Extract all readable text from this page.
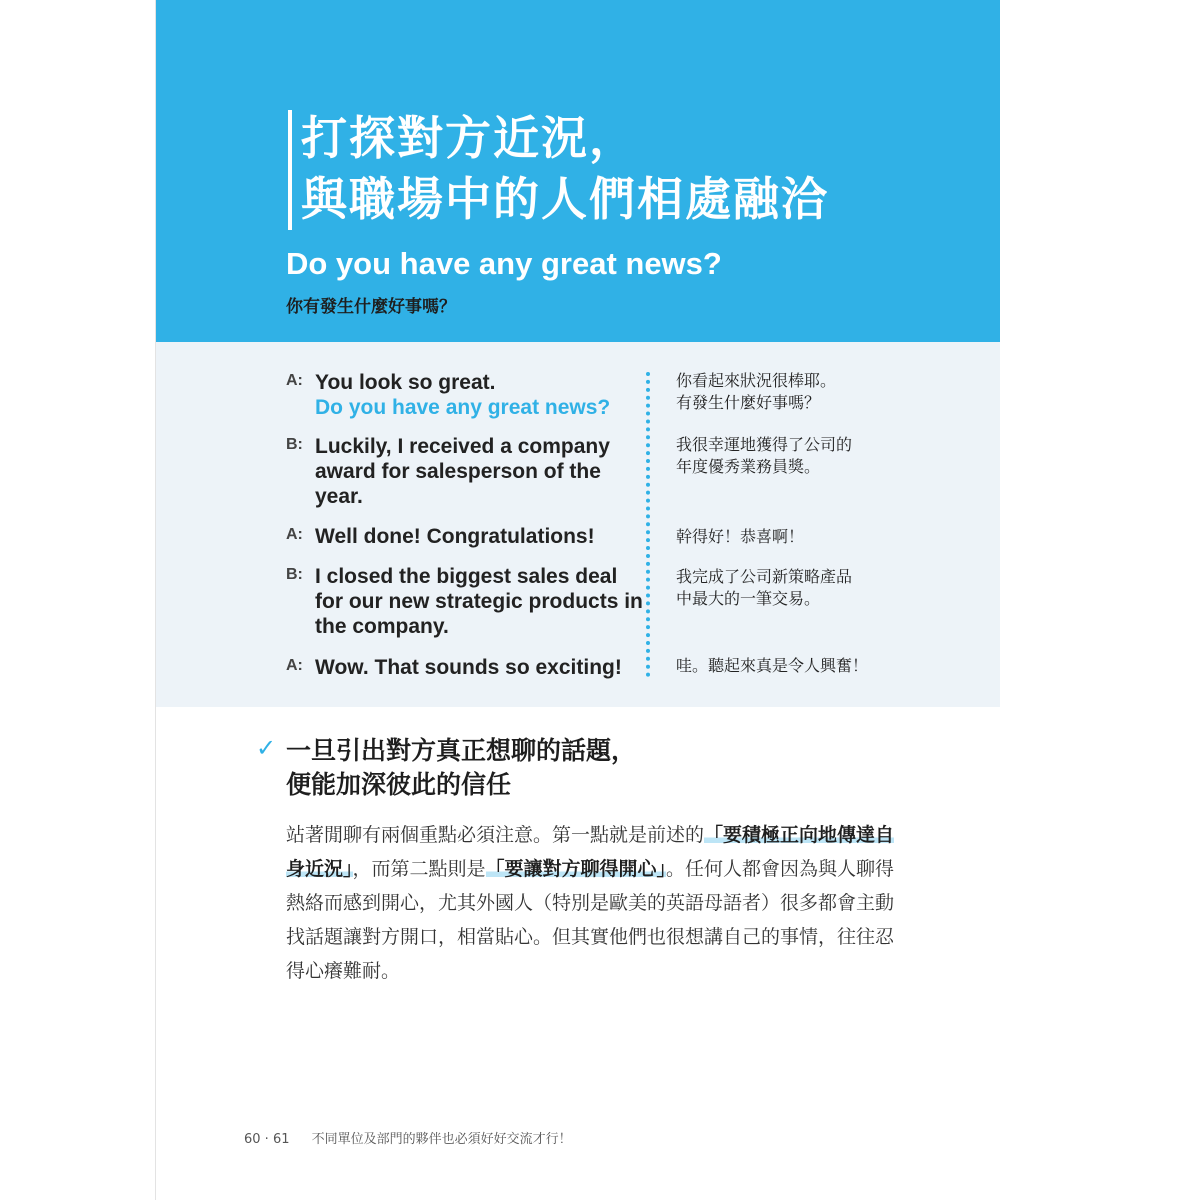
打探對方近況，
與職場中的人們相處融洽
Do you have any great news?
你有發生什麼好事嗎？
A: You look so great.
Do you have any great news?
你看起來狀況很棒耶。
有發生什麼好事嗎？
B: Luckily, I received a company award for salesperson of the year.
我很幸運地獲得了公司的
年度優秀業務員獎。
A: Well done! Congratulations!	幹得好！恭喜啊！
B: I closed the biggest sales deal for our new strategic products in the company.
我完成了公司新策略產品
中最大的一筆交易。
A: Wow. That sounds so exciting!	哇。聽起來真是令人興奮！
✓ 一旦引出對方真正想聊的話題，
便能加深彼此的信任
站著閒聊有兩個重點必須注意。第一點就是前述的「要積極正向地傳達自身近況」，而第二點則是「要讓對方聊得開心」。任何人都會因為與人聊得熱絡而感到開心，尤其外國人（特別是歐美的英語母語者）很多都會主動找話題讓對方開口，相當貼心。但其實他們也很想講自己的事情，往往忍得心癢難耐。
60 · 61 不同單位及部門的夥伴也必須好好交流才行！
